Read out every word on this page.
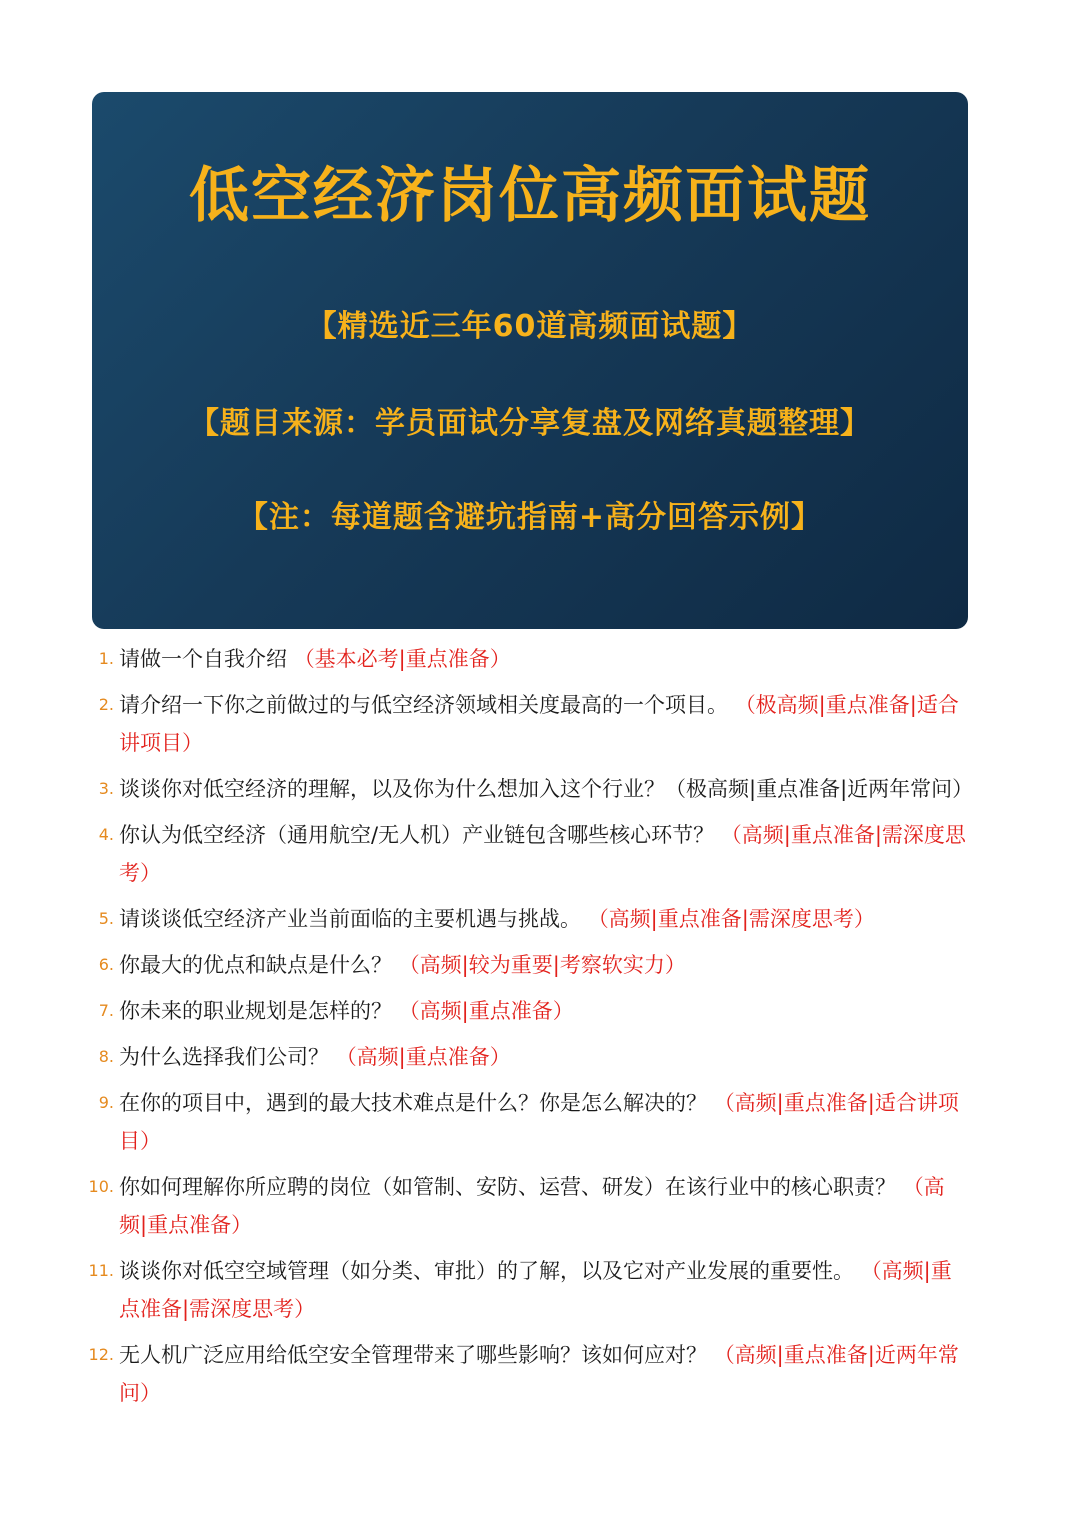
低空经济岗位高频面试题
【精选近三年60道高频面试题】
【题目来源：学员面试分享复盘及网络真题整理】
【注：每道题含避坑指南+高分回答示例】
1. 请做一个自我介绍 （基本必考|重点准备）
2. 请介绍一下你之前做过的与低空经济领域相关度最高的一个项目。 （极高频|重点准备|适合讲项目）
3. 谈谈你对低空经济的理解，以及你为什么想加入这个行业？（极高频|重点准备|近两年常问）
4. 你认为低空经济（通用航空/无人机）产业链包含哪些核心环节？ （高频|重点准备|需深度思考）
5. 请谈谈低空经济产业当前面临的主要机遇与挑战。 （高频|重点准备|需深度思考）
6. 你最大的优点和缺点是什么？ （高频|较为重要|考察软实力）
7. 你未来的职业规划是怎样的？ （高频|重点准备）
8. 为什么选择我们公司？ （高频|重点准备）
9. 在你的项目中，遇到的最大技术难点是什么？你是怎么解决的？ （高频|重点准备|适合讲项目）
10. 你如何理解你所应聘的岗位（如管制、安防、运营、研发）在该行业中的核心职责？ （高频|重点准备）
11. 谈谈你对低空空域管理（如分类、审批）的了解，以及它对产业发展的重要性。 （高频|重点准备|需深度思考）
12. 无人机广泛应用给低空安全管理带来了哪些影响？该如何应对？ （高频|重点准备|近两年常问）
